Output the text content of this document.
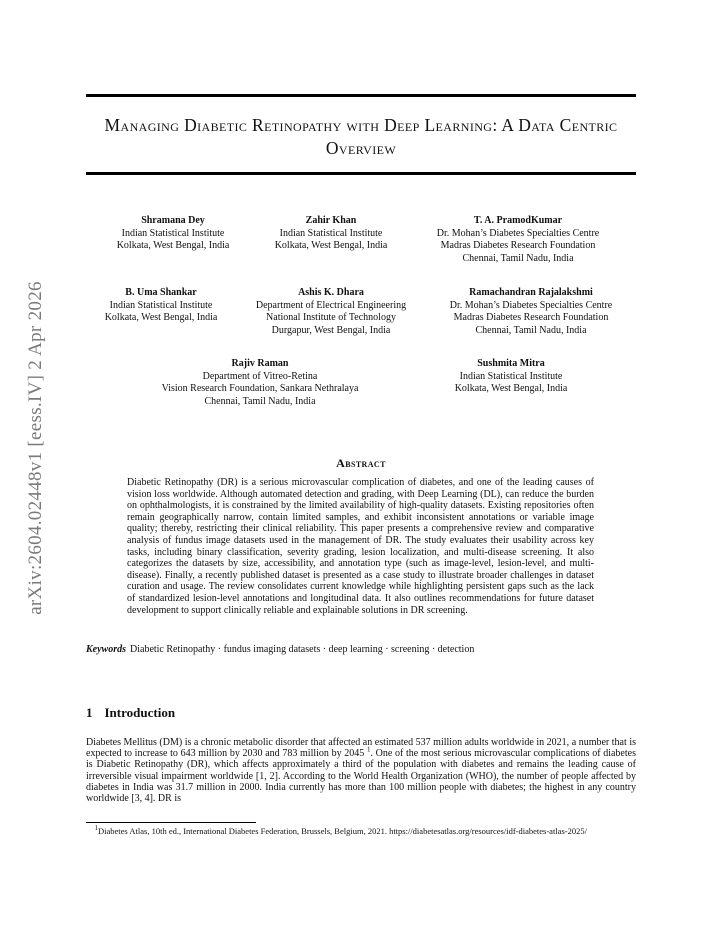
Managing Diabetic Retinopathy with Deep Learning: A Data Centric Overview
arXiv:2604.02448v1 [eess.IV] 2 Apr 2026
Shramana Dey
Indian Statistical Institute
Kolkata, West Bengal, India
Zahir Khan
Indian Statistical Institute
Kolkata, West Bengal, India
T. A. PramodKumar
Dr. Mohan’s Diabetes Specialties Centre
Madras Diabetes Research Foundation
Chennai, Tamil Nadu, India
B. Uma Shankar
Indian Statistical Institute
Kolkata, West Bengal, India
Ashis K. Dhara
Department of Electrical Engineering
National Institute of Technology
Durgapur, West Bengal, India
Ramachandran Rajalakshmi
Dr. Mohan’s Diabetes Specialties Centre
Madras Diabetes Research Foundation
Chennai, Tamil Nadu, India
Rajiv Raman
Department of Vitreo-Retina
Vision Research Foundation, Sankara Nethralaya
Chennai, Tamil Nadu, India
Sushmita Mitra
Indian Statistical Institute
Kolkata, West Bengal, India
Abstract
Diabetic Retinopathy (DR) is a serious microvascular complication of diabetes, and one of the leading causes of vision loss worldwide. Although automated detection and grading, with Deep Learning (DL), can reduce the burden on ophthalmologists, it is constrained by the limited availability of high-quality datasets. Existing repositories often remain geographically narrow, contain limited samples, and exhibit inconsistent annotations or variable image quality; thereby, restricting their clinical reliability. This paper presents a comprehensive review and comparative analysis of fundus image datasets used in the management of DR. The study evaluates their usability across key tasks, including binary classification, severity grading, lesion localization, and multi-disease screening. It also categorizes the datasets by size, accessibility, and annotation type (such as image-level, lesion-level, and multi-disease). Finally, a recently published dataset is presented as a case study to illustrate broader challenges in dataset curation and usage. The review consolidates current knowledge while highlighting persistent gaps such as the lack of standardized lesion-level annotations and longitudinal data. It also outlines recommendations for future dataset development to support clinically reliable and explainable solutions in DR screening.
Keywords Diabetic Retinopathy · fundus imaging datasets · deep learning · screening · detection
1 Introduction
Diabetes Mellitus (DM) is a chronic metabolic disorder that affected an estimated 537 million adults worldwide in 2021, a number that is expected to increase to 643 million by 2030 and 783 million by 2045 $^1$. One of the most serious microvascular complications of diabetes is Diabetic Retinopathy (DR), which affects approximately a third of the population with diabetes and remains the leading cause of irreversible visual impairment worldwide [1, 2]. According to the World Health Organization (WHO), the number of people affected by diabetes in India was 31.7 million in 2000. India currently has more than 100 million people with diabetes; the highest in any country worldwide [3, 4]. DR is
$^1$Diabetes Atlas, 10th ed., International Diabetes Federation, Brussels, Belgium, 2021. https://diabetesatlas.org/resources/idf-diabetes-atlas-2025/
